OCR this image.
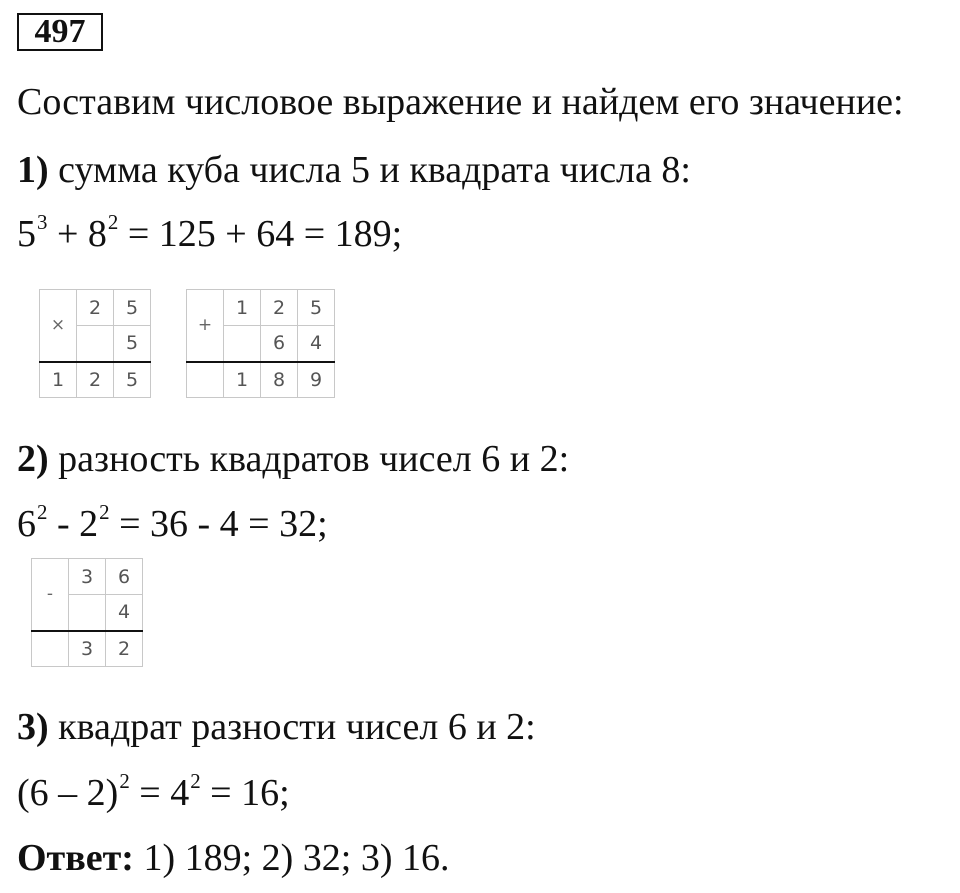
497
Составим числовое выражение и найдем его значение:
1) сумма куба числа 5 и квадрата числа 8:
$5^3 + 8^2 = 125 + 64 = 189$;
×	2	5
		5
1	2	5
+	1	2	5
		6	4
	1	8	9
2) разность квадратов чисел 6 и 2:
$6^2 - 2^2 = 36 - 4 = 32$;
-	3	6
		4
	3	2
3) квадрат разности чисел 6 и 2:
$(6 - 2)^2 = 4^2 = 16$;
Ответ: 1) 189; 2) 32; 3) 16.
